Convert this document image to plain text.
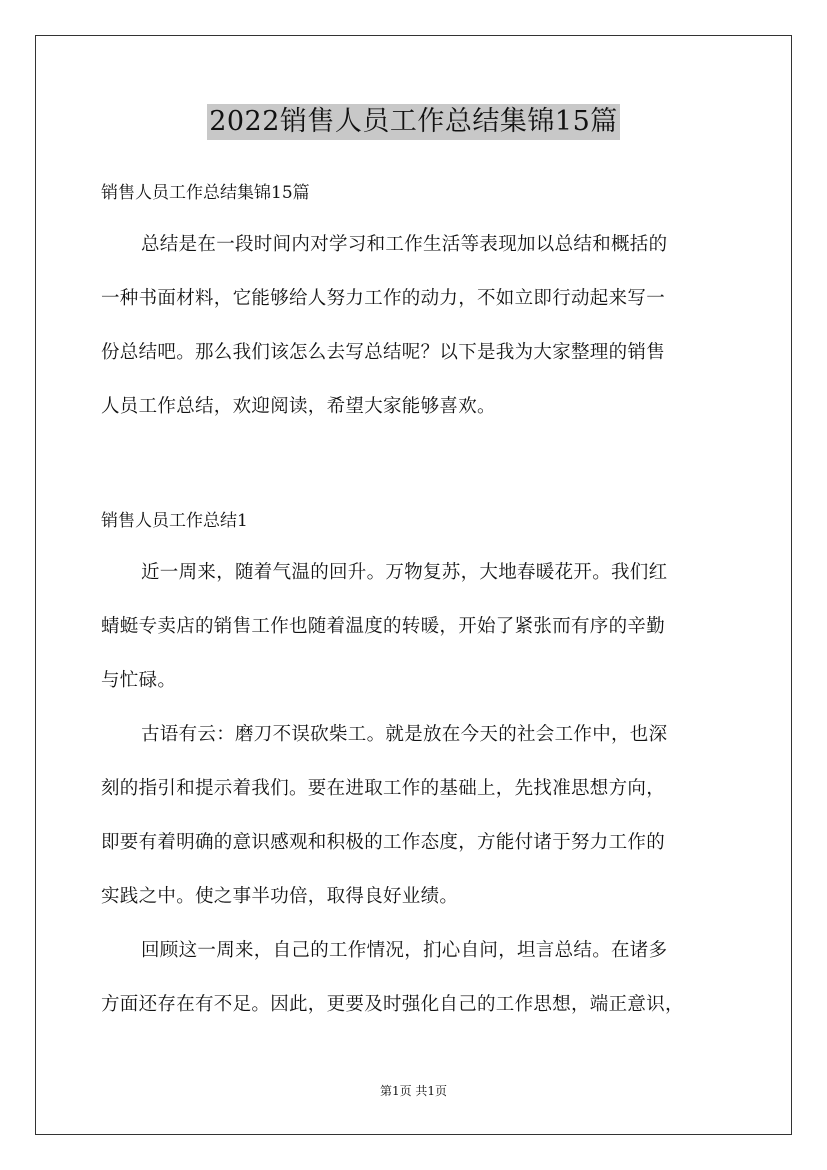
2022销售人员工作总结集锦15篇
销售人员工作总结集锦15篇
总结是在一段时间内对学习和工作生活等表现加以总结和概括的
一种书面材料，它能够给人努力工作的动力，不如立即行动起来写一
份总结吧。那么我们该怎么去写总结呢？以下是我为大家整理的销售
人员工作总结，欢迎阅读，希望大家能够喜欢。
销售人员工作总结1
近一周来，随着气温的回升。万物复苏，大地春暖花开。我们红
蜻蜓专卖店的销售工作也随着温度的转暖，开始了紧张而有序的辛勤
与忙碌。
古语有云：磨刀不误砍柴工。就是放在今天的社会工作中，也深
刻的指引和提示着我们。要在进取工作的基础上，先找准思想方向，
即要有着明确的意识感观和积极的工作态度，方能付诸于努力工作的
实践之中。使之事半功倍，取得良好业绩。
回顾这一周来，自己的工作情况，扪心自问，坦言总结。在诸多
方面还存在有不足。因此，更要及时强化自己的工作思想，端正意识，
第1页 共1页
